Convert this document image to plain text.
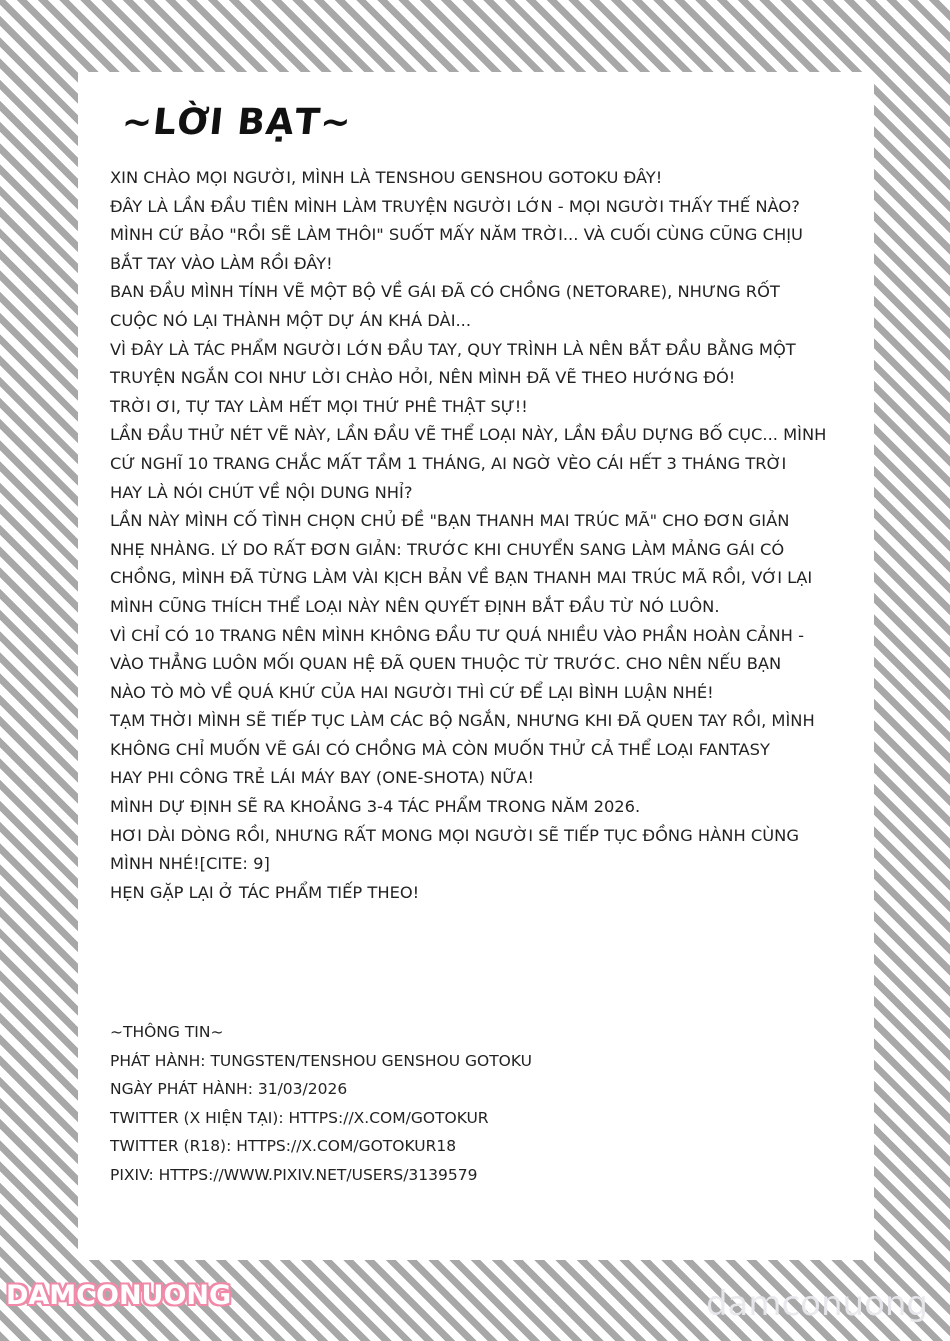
~LỜI BẠT~
XIN CHÀO MỌI NGƯỜI, MÌNH LÀ TENSHOU GENSHOU GOTOKU ĐÂY!
ĐÂY LÀ LẦN ĐẦU TIÊN MÌNH LÀM TRUYỆN NGƯỜI LỚN - MỌI NGƯỜI THẤY THẾ NÀO?
MÌNH CỨ BẢO "RỒI SẼ LÀM THÔI" SUỐT MẤY NĂM TRỜI... VÀ CUỐI CÙNG CŨNG CHỊU
BẮT TAY VÀO LÀM RỒI ĐÂY!
BAN ĐẦU MÌNH TÍNH VẼ MỘT BỘ VỀ GÁI ĐÃ CÓ CHỒNG (NETORARE), NHƯNG RỐT
CUỘC NÓ LẠI THÀNH MỘT DỰ ÁN KHÁ DÀI...
VÌ ĐÂY LÀ TÁC PHẨM NGƯỜI LỚN ĐẦU TAY, QUY TRÌNH LÀ NÊN BẮT ĐẦU BẰNG MỘT
TRUYỆN NGẮN COI NHƯ LỜI CHÀO HỎI, NÊN MÌNH ĐÃ VẼ THEO HƯỚNG ĐÓ!
TRỜI ƠI, TỰ TAY LÀM HẾT MỌI THỨ PHÊ THẬT SỰ!!
LẦN ĐẦU THỬ NÉT VẼ NÀY, LẦN ĐẦU VẼ THỂ LOẠI NÀY, LẦN ĐẦU DỰNG BỐ CỤC... MÌNH
CỨ NGHĨ 10 TRANG CHẮC MẤT TẦM 1 THÁNG, AI NGỜ VÈO CÁI HẾT 3 THÁNG TRỜI
HAY LÀ NÓI CHÚT VỀ NỘI DUNG NHỈ?
LẦN NÀY MÌNH CỐ TÌNH CHỌN CHỦ ĐỀ "BẠN THANH MAI TRÚC MÃ" CHO ĐƠN GIẢN
NHẸ NHÀNG. LÝ DO RẤT ĐƠN GIẢN: TRƯỚC KHI CHUYỂN SANG LÀM MẢNG GÁI CÓ
CHỒNG, MÌNH ĐÃ TỪNG LÀM VÀI KỊCH BẢN VỀ BẠN THANH MAI TRÚC MÃ RỒI, VỚI LẠI
MÌNH CŨNG THÍCH THỂ LOẠI NÀY NÊN QUYẾT ĐỊNH BẮT ĐẦU TỪ NÓ LUÔN.
VÌ CHỈ CÓ 10 TRANG NÊN MÌNH KHÔNG ĐẦU TƯ QUÁ NHIỀU VÀO PHẦN HOÀN CẢNH -
VÀO THẲNG LUÔN MỐI QUAN HỆ ĐÃ QUEN THUỘC TỪ TRƯỚC. CHO NÊN NẾU BẠN
NÀO TÒ MÒ VỀ QUÁ KHỨ CỦA HAI NGƯỜI THÌ CỨ ĐỂ LẠI BÌNH LUẬN NHÉ!
TẠM THỜI MÌNH SẼ TIẾP TỤC LÀM CÁC BỘ NGẮN, NHƯNG KHI ĐÃ QUEN TAY RỒI, MÌNH
KHÔNG CHỈ MUỐN VẼ GÁI CÓ CHỒNG MÀ CÒN MUỐN THỬ CẢ THỂ LOẠI FANTASY
HAY PHI CÔNG TRẺ LÁI MÁY BAY (ONE-SHOTA) NỮA!
MÌNH DỰ ĐỊNH SẼ RA KHOẢNG 3-4 TÁC PHẨM TRONG NĂM 2026.
HƠI DÀI DÒNG RỒI, NHƯNG RẤT MONG MỌI NGƯỜI SẼ TIẾP TỤC ĐỒNG HÀNH CÙNG
MÌNH NHÉ![CITE: 9]
HẸN GẶP LẠI Ở TÁC PHẨM TIẾP THEO!
~THÔNG TIN~
PHÁT HÀNH: TUNGSTEN/TENSHOU GENSHOU GOTOKU
NGÀY PHÁT HÀNH: 31/03/2026
TWITTER (X HIỆN TẠI): HTTPS://X.COM/GOTOKUR
TWITTER (R18): HTTPS://X.COM/GOTOKUR18
PIXIV: HTTPS://WWW.PIXIV.NET/USERS/3139579
DAMCONUONG	damconuong
